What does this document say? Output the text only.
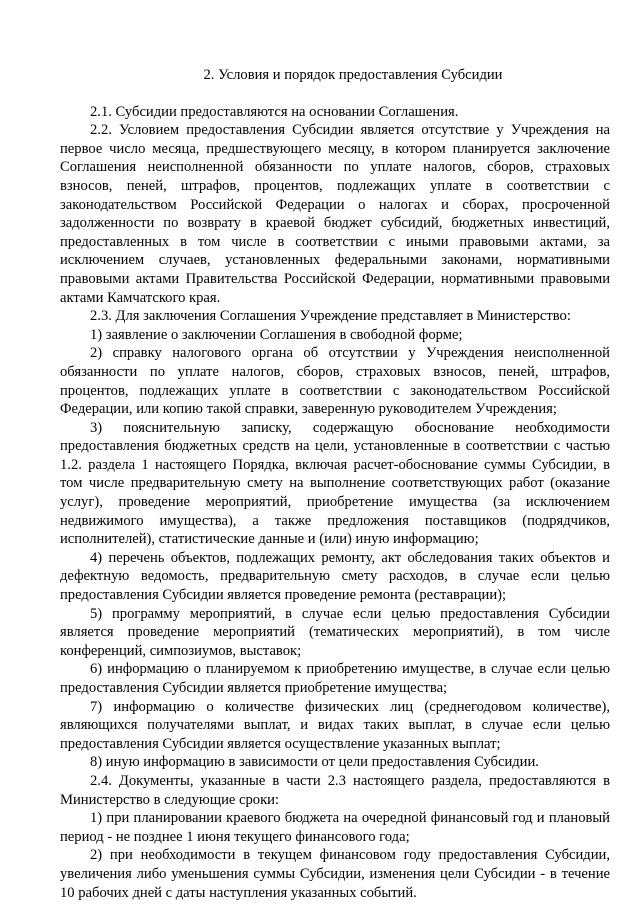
2. Условия и порядок предоставления Субсидии

2.1. Субсидии предоставляются на основании Соглашения.

2.2. Условием предоставления Субсидии является отсутствие у Учреждения на первое число месяца, предшествующего месяцу, в котором планируется заключение Соглашения неисполненной обязанности по уплате налогов, сборов, страховых взносов, пеней, штрафов, процентов, подлежащих уплате в соответствии с законодательством Российской Федерации о налогах и сборах, просроченной задолженности по возврату в краевой бюджет субсидий, бюджетных инвестиций, предоставленных в том числе в соответствии с иными правовыми актами, за исключением случаев, установленных федеральными законами, нормативными правовыми актами Правительства Российской Федерации, нормативными правовыми актами Камчатского края.

2.3. Для заключения Соглашения Учреждение представляет в Министерство:

1) заявление о заключении Соглашения в свободной форме;

2) справку налогового органа об отсутствии у Учреждения неисполненной обязанности по уплате налогов, сборов, страховых взносов, пеней, штрафов, процентов, подлежащих уплате в соответствии с законодательством Российской Федерации, или копию такой справки, заверенную руководителем Учреждения;

3) пояснительную записку, содержащую обоснование необходимости предоставления бюджетных средств на цели, установленные в соответствии с частью 1.2. раздела 1 настоящего Порядка, включая расчет-обоснование суммы Субсидии, в том числе предварительную смету на выполнение соответствующих работ (оказание услуг), проведение мероприятий, приобретение имущества (за исключением недвижимого имущества), а также предложения поставщиков (подрядчиков, исполнителей), статистические данные и (или) иную информацию;

4) перечень объектов, подлежащих ремонту, акт обследования таких объектов и дефектную ведомость, предварительную смету расходов, в случае если целью предоставления Субсидии является проведение ремонта (реставрации);

5) программу мероприятий, в случае если целью предоставления Субсидии является проведение мероприятий (тематических мероприятий), в том числе конференций, симпозиумов, выставок;

6) информацию о планируемом к приобретению имуществе, в случае если целью предоставления Субсидии является приобретение имущества;

7) информацию о количестве физических лиц (среднегодовом количестве), являющихся получателями выплат, и видах таких выплат, в случае если целью предоставления Субсидии является осуществление указанных выплат;

8) иную информацию в зависимости от цели предоставления Субсидии.

2.4. Документы, указанные в части 2.3 настоящего раздела, предоставляются в Министерство в следующие сроки:

1) при планировании краевого бюджета на очередной финансовый год и плановый период - не позднее 1 июня текущего финансового года;

2) при необходимости в текущем финансовом году предоставления Субсидии, увеличения либо уменьшения суммы Субсидии, изменения цели Субсидии - в течение 10 рабочих дней с даты наступления указанных событий.
